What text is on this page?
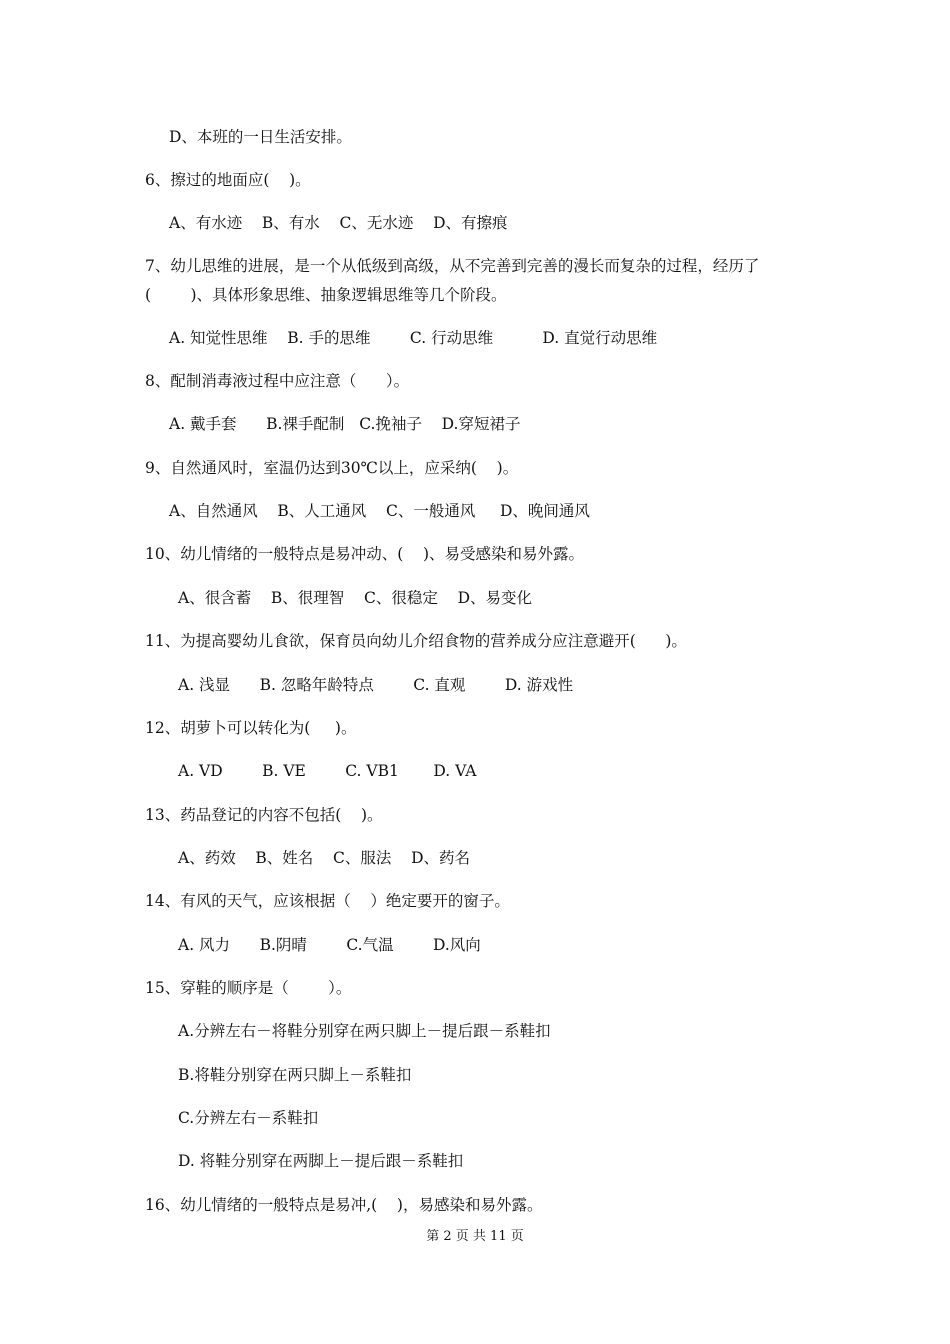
D、本班的一日生活安排。
6、擦过的地面应(    )。
A、有水迹    B、有水    C、无水迹    D、有擦痕
7、幼儿思维的进展，是一个从低级到高级，从不完善到完善的漫长而复杂的过程，经历了
(        )、具体形象思维、抽象逻辑思维等几个阶段。
A. 知觉性思维    B. 手的思维        C. 行动思维          D. 直觉行动思维
8、配制消毒液过程中应注意（      ）。
A. 戴手套      B.裸手配制   C.挽袖子    D.穿短裙子
9、自然通风时，室温仍达到30℃以上，应采纳(    )。
A、自然通风    B、人工通风    C、一般通风     D、晚间通风
10、幼儿情绪的一般特点是易冲动、(    )、易受感染和易外露。
A、很含蓄    B、很理智    C、很稳定    D、易变化
11、为提高婴幼儿食欲，保育员向幼儿介绍食物的营养成分应注意避开(      )。
A. 浅显      B. 忽略年龄特点        C. 直观        D. 游戏性
12、胡萝卜可以转化为(     )。
A. VD        B. VE        C. VB1       D. VA
13、药品登记的内容不包括(    )。
A、药效    B、姓名    C、服法    D、药名
14、有风的天气，应该根据（    ）绝定要开的窗子。
A. 风力      B.阴晴        C.气温        D.风向
15、穿鞋的顺序是（        ）。
A.分辨左右－将鞋分别穿在两只脚上－提后跟－系鞋扣
B.将鞋分别穿在两只脚上－系鞋扣
C.分辨左右－系鞋扣
D. 将鞋分别穿在两脚上－提后跟－系鞋扣
16、幼儿情绪的一般特点是易冲,(    )，易感染和易外露。
第 2 页 共 11 页
